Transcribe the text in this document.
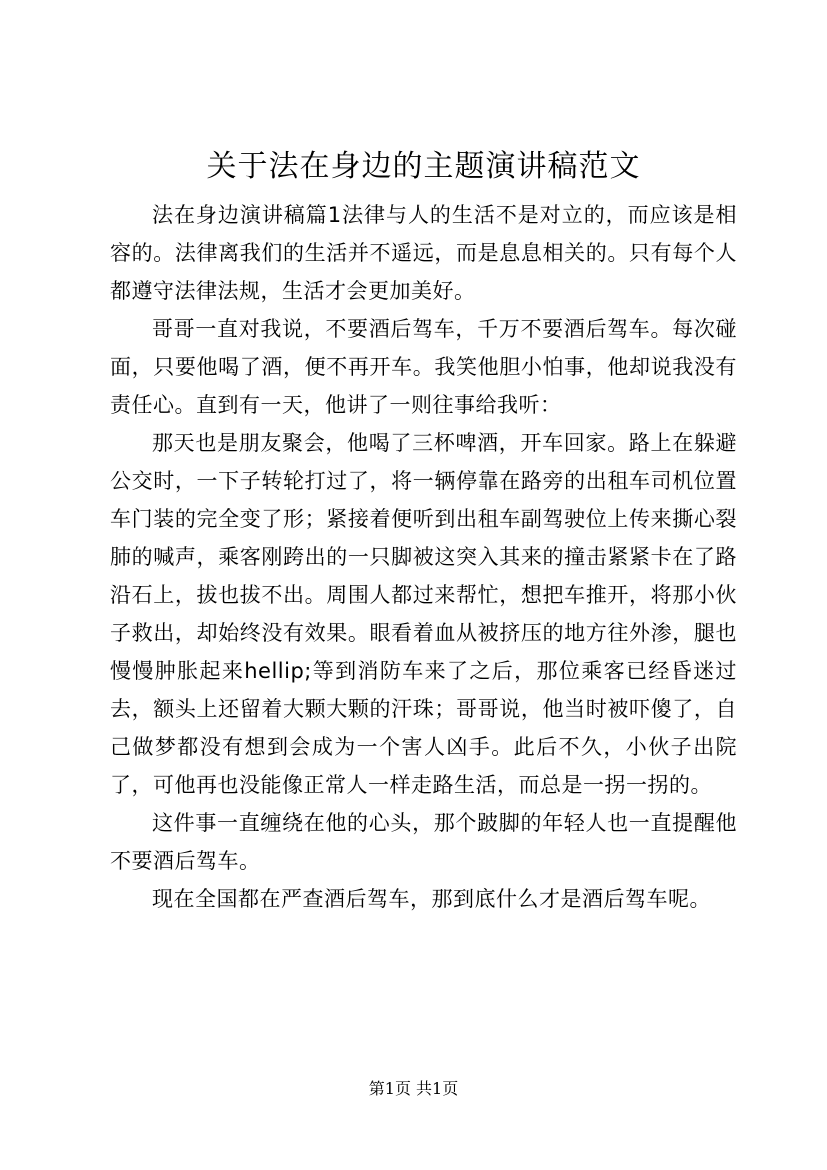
关于法在身边的主题演讲稿范文

法在身边演讲稿篇1法律与人的生活不是对立的，而应该是相容的。法律离我们的生活并不遥远，而是息息相关的。只有每个人都遵守法律法规，生活才会更加美好。

哥哥一直对我说，不要酒后驾车，千万不要酒后驾车。每次碰面，只要他喝了酒，便不再开车。我笑他胆小怕事，他却说我没有责任心。直到有一天，他讲了一则往事给我听：

那天也是朋友聚会，他喝了三杯啤酒，开车回家。路上在躲避公交时，一下子转轮打过了，将一辆停靠在路旁的出租车司机位置车门装的完全变了形；紧接着便听到出租车副驾驶位上传来撕心裂肺的喊声，乘客刚跨出的一只脚被这突入其来的撞击紧紧卡在了路沿石上，拔也拔不出。周围人都过来帮忙，想把车推开，将那小伙子救出，却始终没有效果。眼看着血从被挤压的地方往外渗，腿也慢慢肿胀起来hellip;等到消防车来了之后，那位乘客已经昏迷过去，额头上还留着大颗大颗的汗珠；哥哥说，他当时被吓傻了，自己做梦都没有想到会成为一个害人凶手。此后不久，小伙子出院了，可他再也没能像正常人一样走路生活，而总是一拐一拐的。

这件事一直缠绕在他的心头，那个跛脚的年轻人也一直提醒他不要酒后驾车。

现在全国都在严查酒后驾车，那到底什么才是酒后驾车呢。

第1页 共1页
